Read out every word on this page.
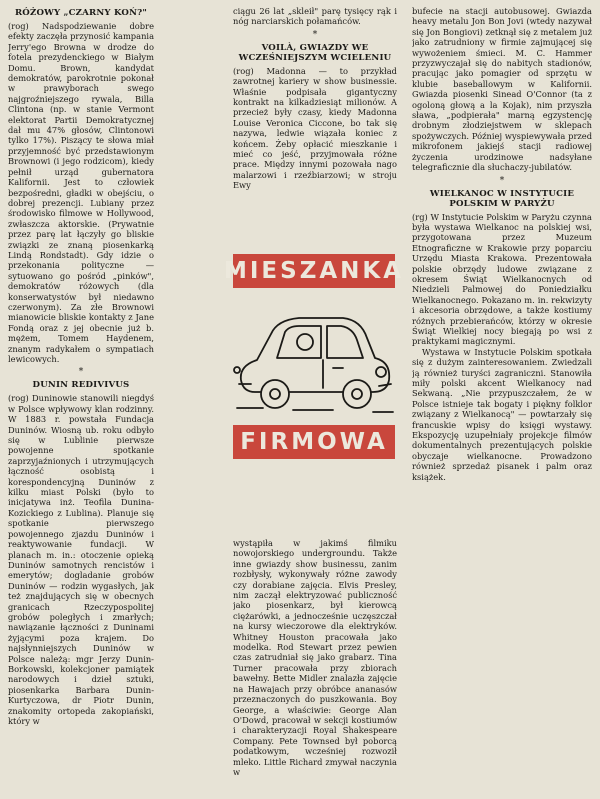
RÓŻOWY „CZARNY KOŃ?"

(rog) Nadspodziewanie dobre efekty zaczęła przynosić kampania Jerry'ego Browna w drodze do fotela prezydenckiego w Białym Domu. Brown, kandydat demokratów, parokrotnie pokonał w prawyborach swego najgroźniejszego rywala, Billa Clintona (np. w stanie Vermont elektorat Partii Demokratycznej dał mu 47% głosów, Clintonowi tylko 17%). Piszący te słowa miał przyjemność być przedstawionym Brownowi (i jego rodzicom), kiedy pełnił urząd gubernatora Kalifornii. Jest to człowiek bezpośredni, gładki w obejściu, o dobrej prezencji. Lubiany przez środowisko filmowe w Hollywood, zwłaszcza aktorskie. (Prywatnie przez parę lat łączyły go bliskie związki ze znaną piosenkarką Lindą Rondstadt). Gdy idzie o przekonania polityczne — sytuowano go pośród „pinków", demokratów różowych (dla konserwatystów był niedawno czerwonym). Za złe Brownowi mianowicie bliskie kontakty z Jane Fondą oraz z jej obecnie już b. mężem, Tomem Haydenem, znanym radykałem o sympatiach lewicowych.

*
DUNIN REDIVIVUS

(rog) Duninowie stanowili niegdyś w Polsce wpływowy klan rodzinny. W 1883 r. powstała Fundacja Duninów. Wiosną ub. roku odbyło się w Lublinie pierwsze powojenne spotkanie zaprzyjaźnionych i utrzymujących łączność osobistą i korespondencyjną Duninów z kilku miast Polski (było to inicjatywa inż. Teofila Dunina-Kozickiego z Lublina). Planuje się spotkanie pierwszego powojennego zjazdu Duninów i reaktywowanie fundacji. W planach m. in.: otoczenie opieką Duninów samotnych rencistów i emerytów; dogladanie grobów Duninów — rodzin wygasłych, jak też znajdujących się w obecnych granicach Rzeczypospolitej grobów poległych i zmarłych; nawiązanie łączności z Duninami żyjącymi poza krajem. Do najsłynniejszych Duninów w Polsce należą: mgr Jerzy Dunin-Borkowski, kolekcjoner pamiątek narodowych i dzieł sztuki, piosenkarka Barbara Dunin-Kurtyczowa, dr Piotr Dunin, znakomity ortopeda zakopiański, który w

ciągu 26 lat „skleił" parę tysięcy rąk i nóg narciarskich połamańców.

*
VOILÀ, GWIAZDY WE WCZEŚNIEJSZYM WCIELENIU

(rog) Madonna — to przykład zawrotnej kariery w show businessie. Właśnie podpisała gigantyczny kontrakt na kilkadziesiąt milionów. A przecież były czasy, kiedy Madonna Louise Veronica Ciccone, bo tak się nazywa, ledwie wiązała koniec z końcem. Żeby opłacić mieszkanie i mieć co jeść, przyjmowała różne prace. Między innymi pozowała nago malarzowi i rzeźbiarzowi; w stroju Ewy

MIESZANKA
FIRMOWA

wystąpiła w jakimś filmiku nowojorskiego undergroundu. Także inne gwiazdy show businessu, zanim rozbłysły, wykonywały różne zawody czy dorabiane zajęcia. Elvis Presley, nim zaczął elektryzować publiczność jako piosenkarz, był kierowcą ciężarówki, a jednocześnie uczęszczał na kursy wieczorowe dla elektryków. Whitney Houston pracowała jako modelka. Rod Stewart przez pewien czas zatrudniał się jako grabarz. Tina Turner pracowała przy zbiorach bawełny. Bette Midler znalazła zajęcie na Hawajach przy obróbce ananasów przeznaczonych do puszkowania. Boy George, a właściwie: George Alan O'Dowd, pracował w sekcji kostiumów i charakteryzacji Royal Shakespeare Company. Pete Townsed był poborcą podatkowym, wcześniej rozwoził mleko. Little Richard zmywał naczynia w

bufecie na stacji autobusowej. Gwiazda heavy metalu Jon Bon Jovi (wtedy nazywał się Jon Bongiovi) zetknął się z metalem już jako zatrudniony w firmie zajmującej się wywożeniem śmieci. M. C. Hammer przyzwyczajał się do nabitych stadionów, pracując jako pomagier od sprzętu w klubie baseballowym w Kalifornii. Gwiazda piosenki Sinead O'Connor (ta z ogoloną głową a la Kojak), nim przyszła sława, „podpierała" marną egzystencję drobnym złodziejstwem w sklepach spożywczych. Później wyspiewywała przed mikrofonem jakiejś stacji radiowej życzenia urodzinowe nadsyłane telegraficznie dla słuchaczy-jubilatów.

*
WIELKANOC W INSTYTUCIE POLSKIM W PARYŻU

(rg) W Instytucie Polskim w Paryżu czynna była wystawa Wielkanoc na polskiej wsi, przygotowana przez Muzeum Etnograficzne w Krakowie przy poparciu Urzędu Miasta Krakowa. Prezentowała polskie obrzędy ludowe związane z okresem Świąt Wielkanocnych od Niedzieli Palmowej do Poniedziałku Wielkanocnego. Pokazano m. in. rekwizyty i akcesoria obrzędowe, a także kostiumy różnych przebierańców, którzy w okresie Świąt Wielkiej nocy biegają po wsi z praktykami magicznymi.

Wystawa w Instytucie Polskim spotkała się z dużym zainteresowaniem. Zwiedzali ją również turyści zagraniczni. Stanowiła miły polski akcent Wielkanocy nad Sekwaną. „Nie przypuszczałem, że w Polsce istnieje tak bogaty i piękny folklor związany z Wielkanocą" — powtarzały się francuskie wpisy do księgi wystawy. Ekspozycję uzupełniały projekcje filmów dokumentalnych prezentujących polskie obyczaje wielkanocne. Prowadzono również sprzedaż pisanek i palm oraz książek.
